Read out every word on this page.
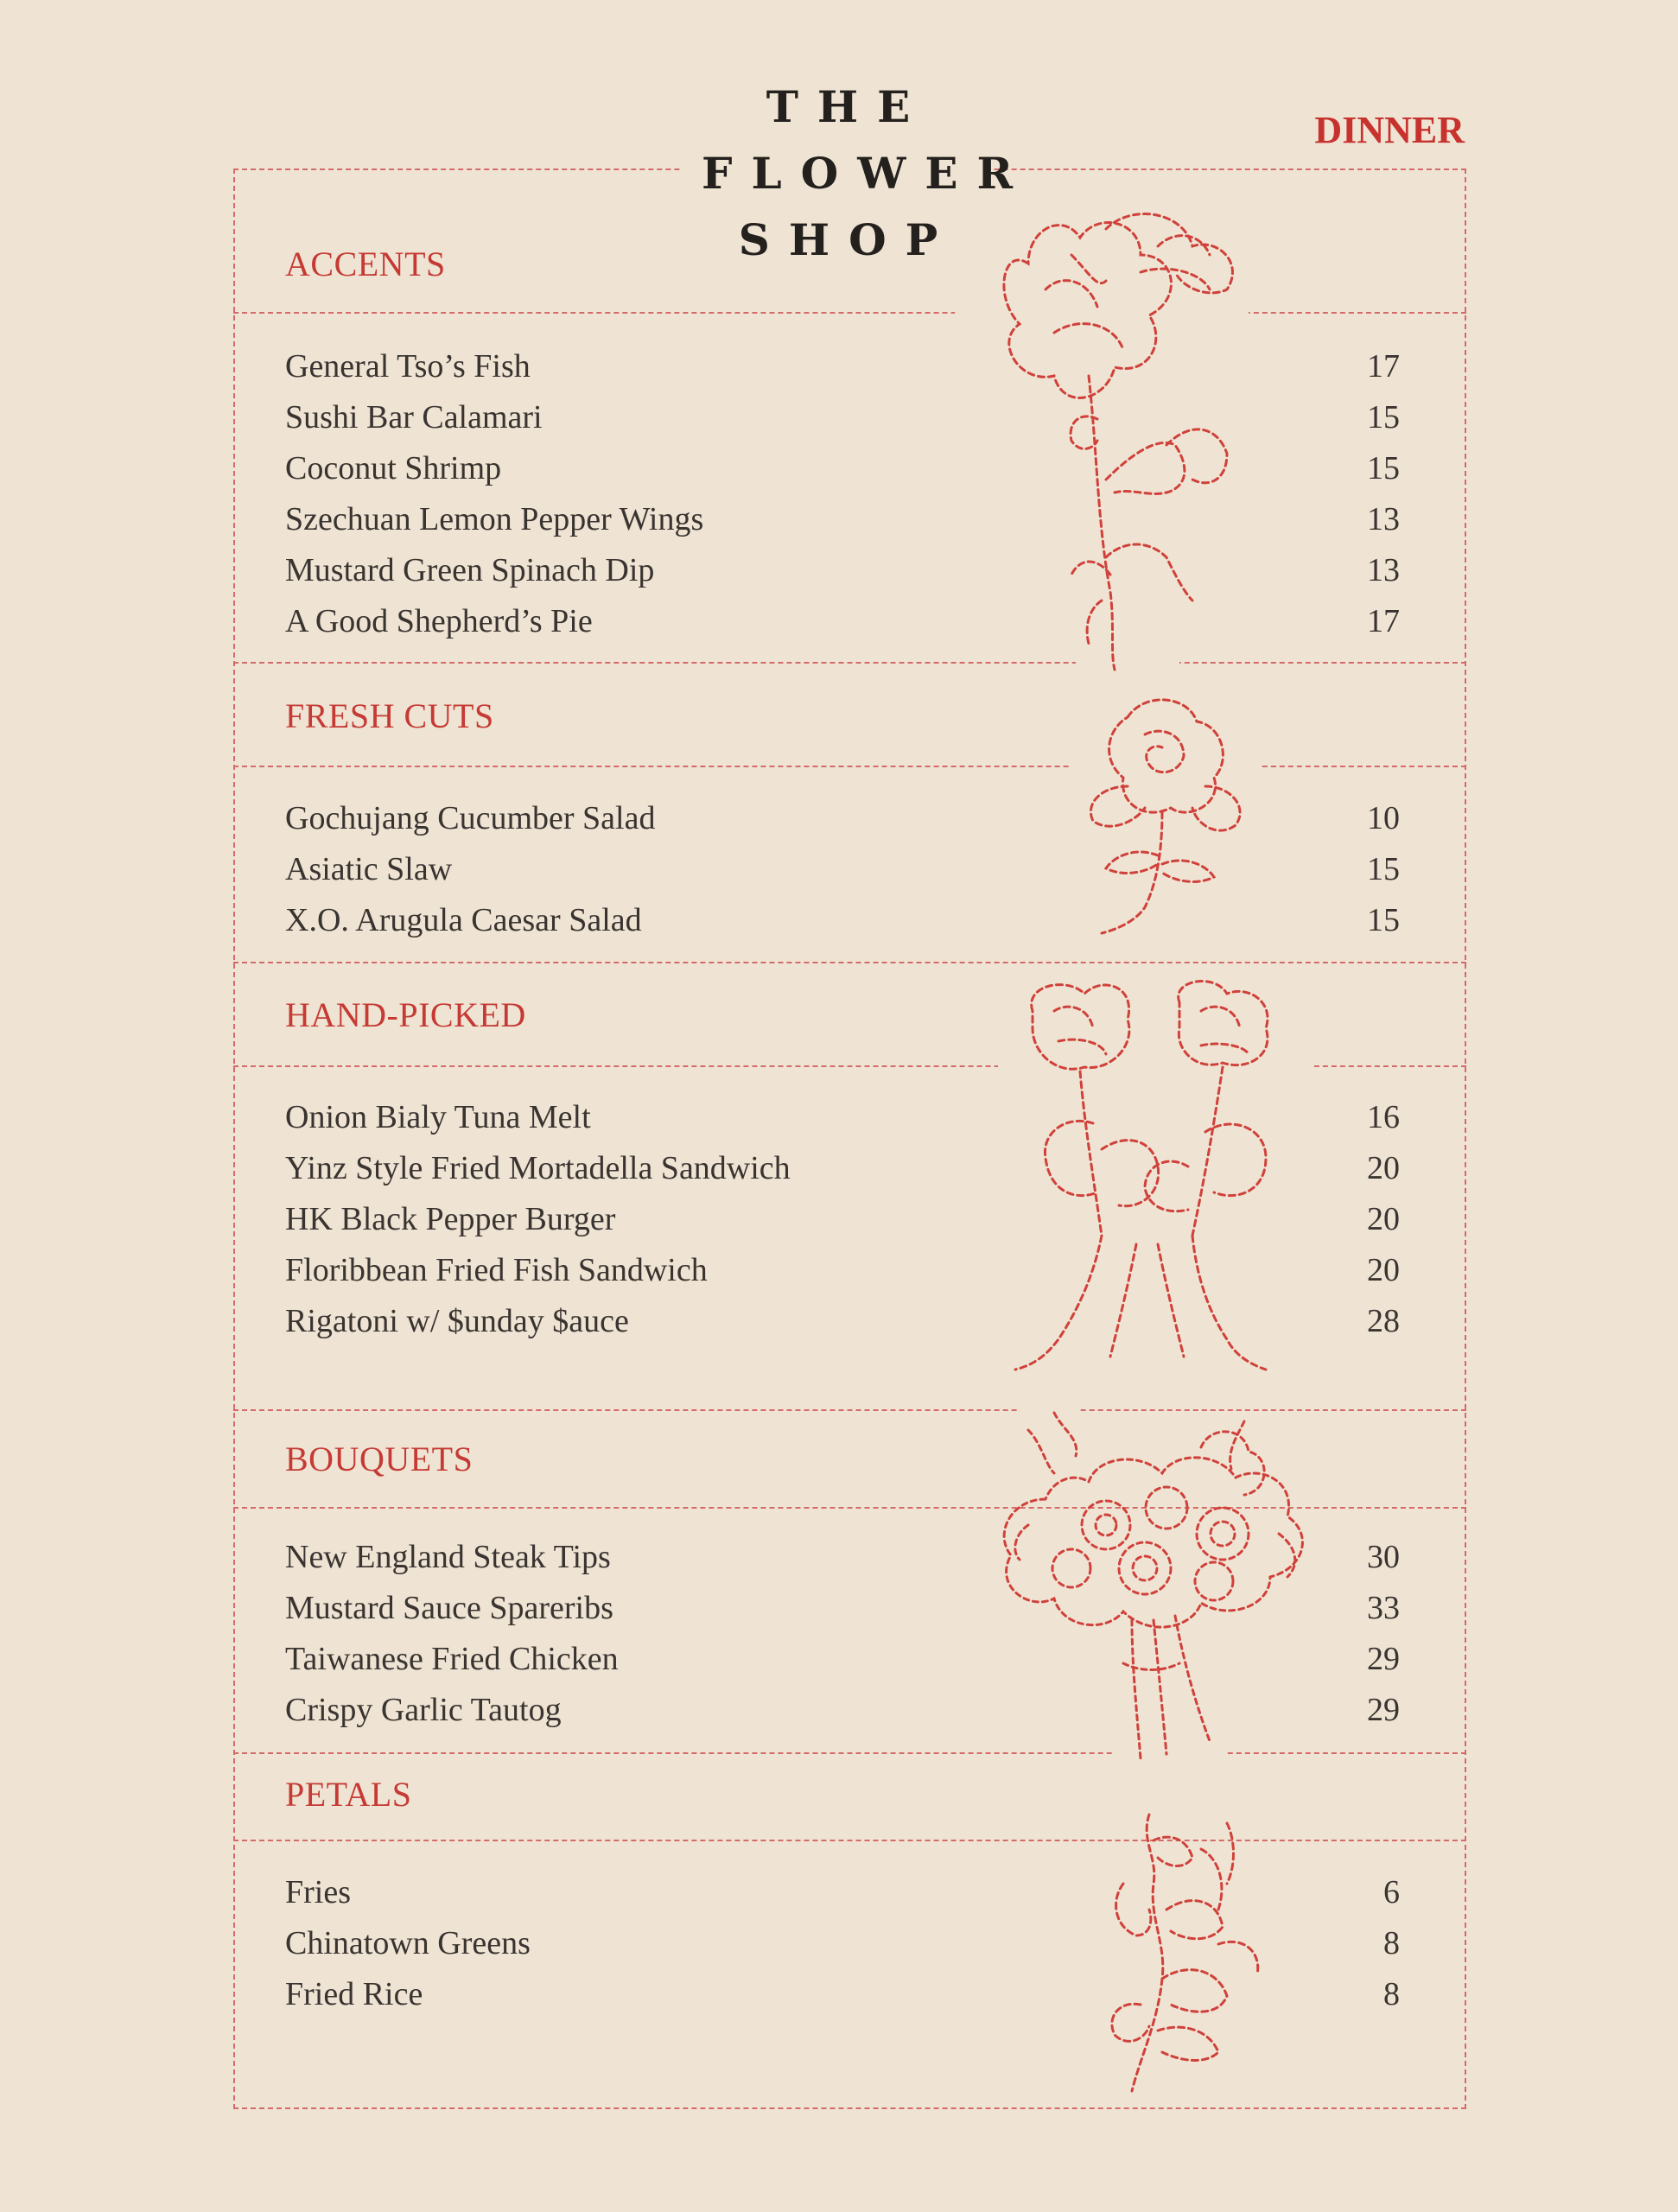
THE
FLOWER
SHOP
DINNER
ACCENTS
General Tso’s Fish	17
Sushi Bar Calamari	15
Coconut Shrimp	15
Szechuan Lemon Pepper Wings	13
Mustard Green Spinach Dip	13
A Good Shepherd’s Pie	17
FRESH CUTS
Gochujang Cucumber Salad	10
Asiatic Slaw	15
X.O. Arugula Caesar Salad	15
HAND-PICKED
Onion Bialy Tuna Melt	16
Yinz Style Fried Mortadella Sandwich	20
HK Black Pepper Burger	20
Floribbean Fried Fish Sandwich	20
Rigatoni w/ $unday $auce	28
BOUQUETS
New England Steak Tips	30
Mustard Sauce Spareribs	33
Taiwanese Fried Chicken	29
Crispy Garlic Tautog	29
PETALS
Fries	6
Chinatown Greens	8
Fried Rice	8
